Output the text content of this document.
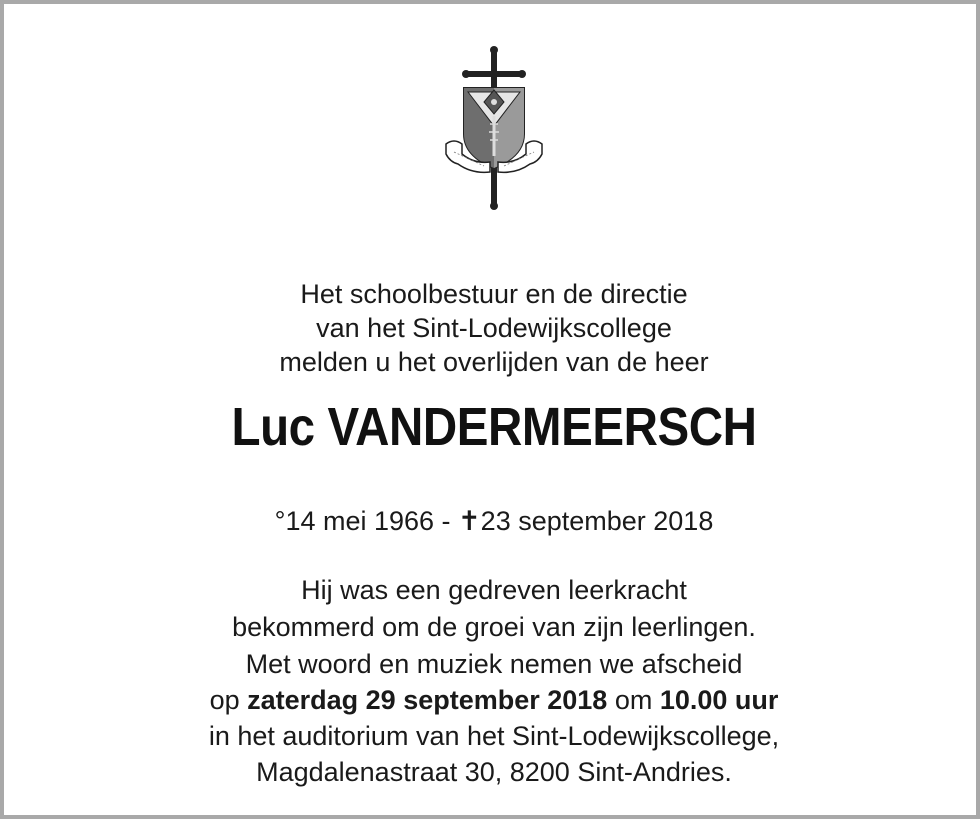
Het schoolbestuur en de directie
van het Sint-Lodewijkscollege
melden u het overlijden van de heer
Luc VANDERMEERSCH
°14 mei 1966 - ✝23 september 2018
Hij was een gedreven leerkracht
bekommerd om de groei van zijn leerlingen.
Met woord en muziek nemen we afscheid
op zaterdag 29 september 2018 om 10.00 uur
in het auditorium van het Sint-Lodewijkscollege,
Magdalenastraat 30, 8200 Sint-Andries.
